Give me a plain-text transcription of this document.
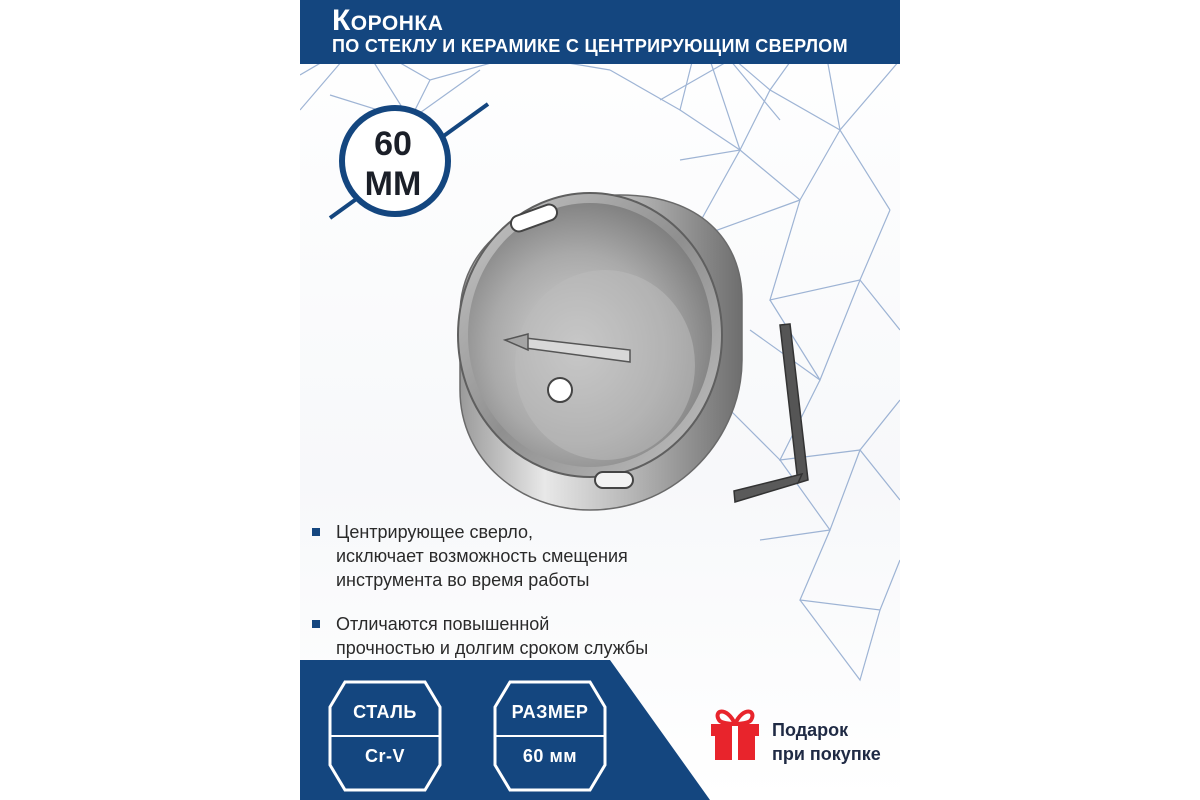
Коронка
ПО СТЕКЛУ И КЕРАМИКЕ С ЦЕНТРИРУЮЩИМ СВЕРЛОМ
60
ММ
Центрирующее сверло,
исключает возможность смещения
инструмента во время работы
Отличаются повышенной
прочностью и долгим сроком службы
СТАЛЬ
Cr-V
РАЗМЕР
60 мм
Подарок
при покупке
